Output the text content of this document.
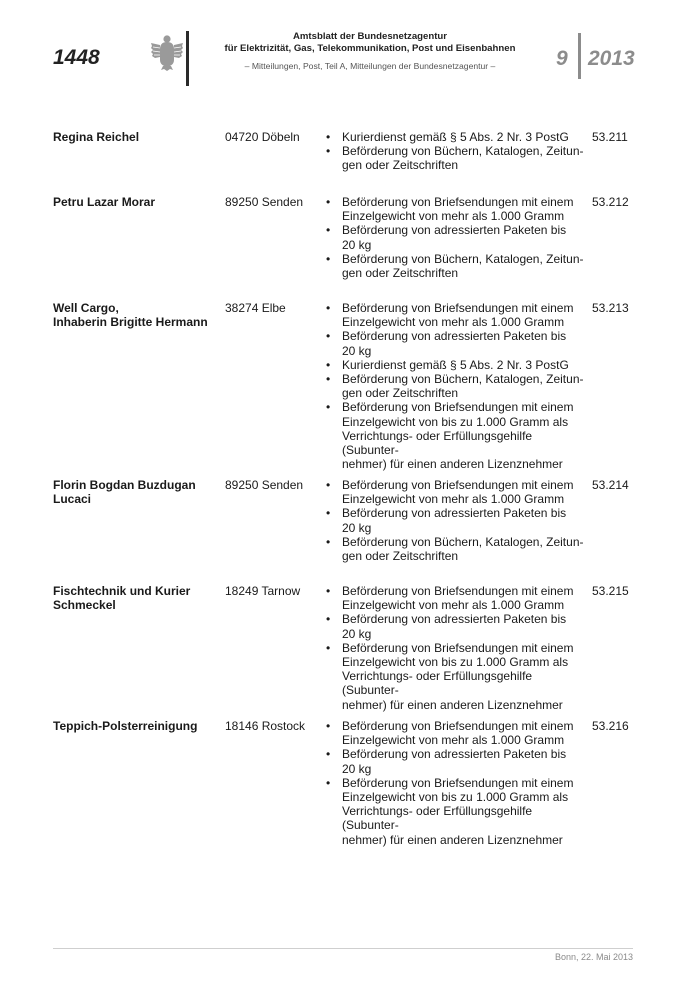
1448
Amtsblatt der Bundesnetzagentur
für Elektrizität, Gas, Telekommunikation, Post und Eisenbahnen
– Mitteilungen, Post, Teil A, Mitteilungen der Bundesnetzagentur –	9 2013
Regina Reichel	04720 Döbeln	• Kurierdienst gemäß § 5 Abs. 2 Nr. 3 PostG
• Beförderung von Büchern, Katalogen, Zeitun-
gen oder Zeitschriften
53.211
Petru Lazar Morar	89250 Senden	• Beförderung von Briefsendungen mit einem
Einzelgewicht von mehr als 1.000 Gramm
• Beförderung von adressierten Paketen bis
20 kg
• Beförderung von Büchern, Katalogen, Zeitun-
gen oder Zeitschriften
53.212
Well Cargo,
Inhaberin Brigitte Hermann
38274 Elbe	• Beförderung von Briefsendungen mit einem
Einzelgewicht von mehr als 1.000 Gramm
• Beförderung von adressierten Paketen bis
20 kg
• Kurierdienst gemäß § 5 Abs. 2 Nr. 3 PostG
• Beförderung von Büchern, Katalogen, Zeitun-
gen oder Zeitschriften
• Beförderung von Briefsendungen mit einem
Einzelgewicht von bis zu 1.000 Gramm als
Verrichtungs- oder Erfüllungsgehilfe (Subunter-
nehmer) für einen anderen Lizenznehmer
53.213
Florin Bogdan Buzdugan
Lucaci
89250 Senden	• Beförderung von Briefsendungen mit einem
Einzelgewicht von mehr als 1.000 Gramm
• Beförderung von adressierten Paketen bis
20 kg
• Beförderung von Büchern, Katalogen, Zeitun-
gen oder Zeitschriften
53.214
Fischtechnik und Kurier
Schmeckel
18249 Tarnow	• Beförderung von Briefsendungen mit einem
Einzelgewicht von mehr als 1.000 Gramm
• Beförderung von adressierten Paketen bis
20 kg
• Beförderung von Briefsendungen mit einem
Einzelgewicht von bis zu 1.000 Gramm als
Verrichtungs- oder Erfüllungsgehilfe (Subunter-
nehmer) für einen anderen Lizenznehmer
53.215
Teppich-Polsterreinigung	18146 Rostock	• Beförderung von Briefsendungen mit einem
Einzelgewicht von mehr als 1.000 Gramm
• Beförderung von adressierten Paketen bis
20 kg
• Beförderung von Briefsendungen mit einem
Einzelgewicht von bis zu 1.000 Gramm als
Verrichtungs- oder Erfüllungsgehilfe (Subunter-
nehmer) für einen anderen Lizenznehmer
53.216
Bonn, 22. Mai 2013
